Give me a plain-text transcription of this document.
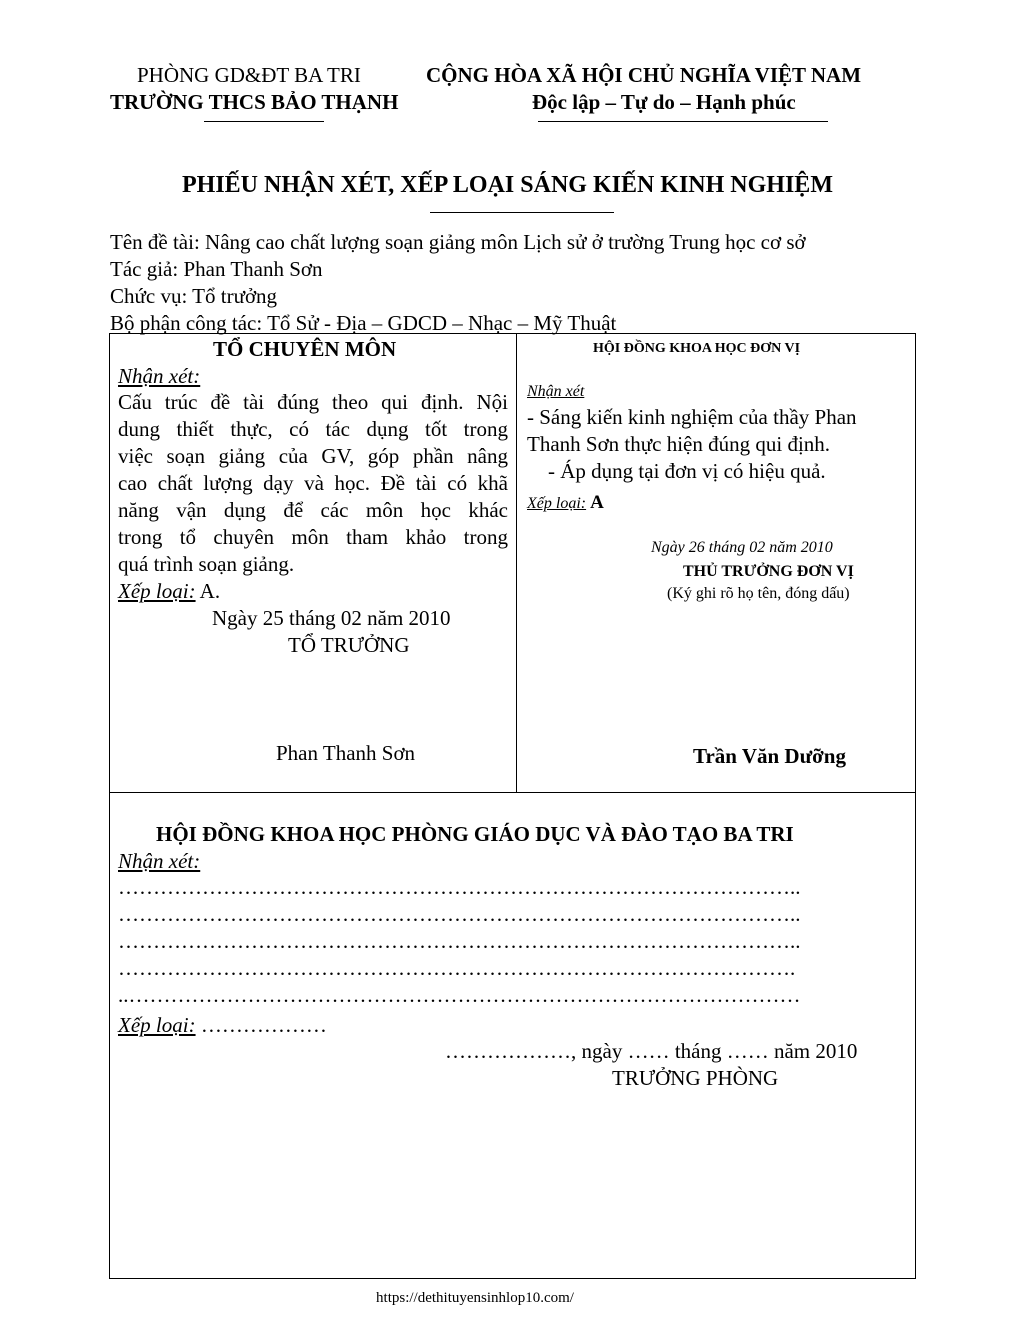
PHÒNG GD&ĐT BA TRI
TRƯỜNG THCS BẢO THẠNH
CỘNG HÒA XÃ HỘI CHỦ NGHĨA VIỆT NAM
Độc lập – Tự do – Hạnh phúc
PHIẾU NHẬN XÉT, XẾP LOẠI SÁNG KIẾN KINH NGHIỆM
Tên đề tài: Nâng cao chất lượng soạn giảng môn Lịch sử ở trường Trung học cơ sở
Tác giả: Phan Thanh Sơn
Chức vụ: Tổ trưởng
Bộ phận công tác: Tổ Sử - Địa – GDCD – Nhạc – Mỹ Thuật
TỔ CHUYÊN MÔN
Nhận xét:
Cấu trúc đề tài đúng theo qui định. Nội
dung thiết thực, có tác dụng tốt trong
việc soạn giảng của GV, góp phần nâng
cao chất lượng dạy và học. Đề tài có khã
năng vận dụng để các môn học khác
trong tổ chuyên môn tham khảo trong
quá trình soạn giảng.
Xếp loại: A.
Ngày 25 tháng 02 năm 2010
TỔ TRƯỞNG
Phan Thanh Sơn
HỘI ĐỒNG KHOA HỌC ĐƠN VỊ
Nhận xét
- Sáng kiến kinh nghiệm của thầy Phan
Thanh Sơn thực hiện đúng qui định.
- Áp dụng tại đơn vị có hiệu quả.
Xếp loại: A
Ngày 26 tháng 02 năm 2010
THỦ TRƯỞNG ĐƠN VỊ
(Ký ghi rõ họ tên, đóng dấu)
Trần Văn Dưỡng
HỘI ĐỒNG KHOA HỌC PHÒNG GIÁO DỤC VÀ ĐÀO TẠO BA TRI
Nhận xét:
……………………………………………………………………………………..
……………………………………………………………………………………..
……………………………………………………………………………………..
…………………………………………………………………………………….
..……………………………………………………………………………………
Xếp loại: ………………
………………, ngày …… tháng …… năm 2010
TRƯỞNG PHÒNG
https://dethituyensinhlop10.com/
